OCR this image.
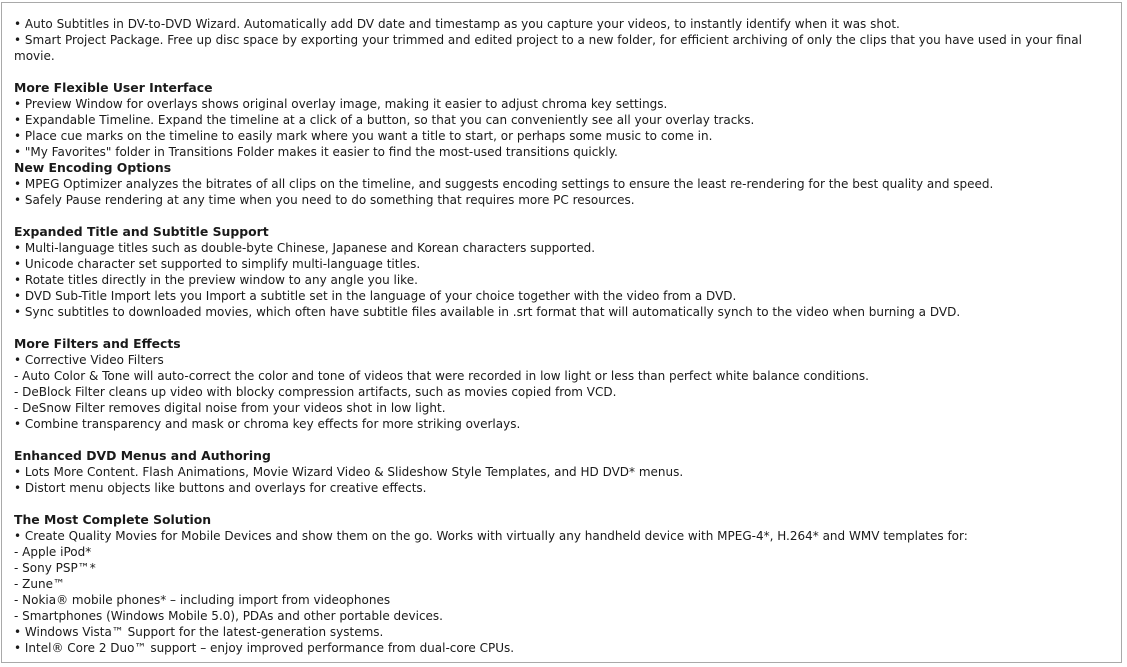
• Auto Subtitles in DV-to-DVD Wizard. Automatically add DV date and timestamp as you capture your videos, to instantly identify when it was shot.

• Smart Project Package. Free up disc space by exporting your trimmed and edited project to a new folder, for efficient archiving of only the clips that you have used in your final movie.

More Flexible User Interface

• Preview Window for overlays shows original overlay image, making it easier to adjust chroma key settings.

• Expandable Timeline. Expand the timeline at a click of a button, so that you can conveniently see all your overlay tracks.

• Place cue marks on the timeline to easily mark where you want a title to start, or perhaps some music to come in.

• "My Favorites" folder in Transitions Folder makes it easier to find the most-used transitions quickly.

New Encoding Options

• MPEG Optimizer analyzes the bitrates of all clips on the timeline, and suggests encoding settings to ensure the least re-rendering for the best quality and speed.

• Safely Pause rendering at any time when you need to do something that requires more PC resources.

Expanded Title and Subtitle Support

• Multi-language titles such as double-byte Chinese, Japanese and Korean characters supported.

• Unicode character set supported to simplify multi-language titles.

• Rotate titles directly in the preview window to any angle you like.

• DVD Sub-Title Import lets you Import a subtitle set in the language of your choice together with the video from a DVD.

• Sync subtitles to downloaded movies, which often have subtitle files available in .srt format that will automatically synch to the video when burning a DVD.

More Filters and Effects

• Corrective Video Filters

- Auto Color & Tone will auto-correct the color and tone of videos that were recorded in low light or less than perfect white balance conditions.

- DeBlock Filter cleans up video with blocky compression artifacts, such as movies copied from VCD.

- DeSnow Filter removes digital noise from your videos shot in low light.

• Combine transparency and mask or chroma key effects for more striking overlays.

Enhanced DVD Menus and Authoring

• Lots More Content. Flash Animations, Movie Wizard Video & Slideshow Style Templates, and HD DVD* menus.

• Distort menu objects like buttons and overlays for creative effects.

The Most Complete Solution

• Create Quality Movies for Mobile Devices and show them on the go. Works with virtually any handheld device with MPEG-4*, H.264* and WMV templates for:

- Apple iPod*

- Sony PSP™*

- Zune™

- Nokia® mobile phones* – including import from videophones

- Smartphones (Windows Mobile 5.0), PDAs and other portable devices.

• Windows Vista™ Support for the latest-generation systems.

• Intel® Core 2 Duo™ support – enjoy improved performance from dual-core CPUs.
